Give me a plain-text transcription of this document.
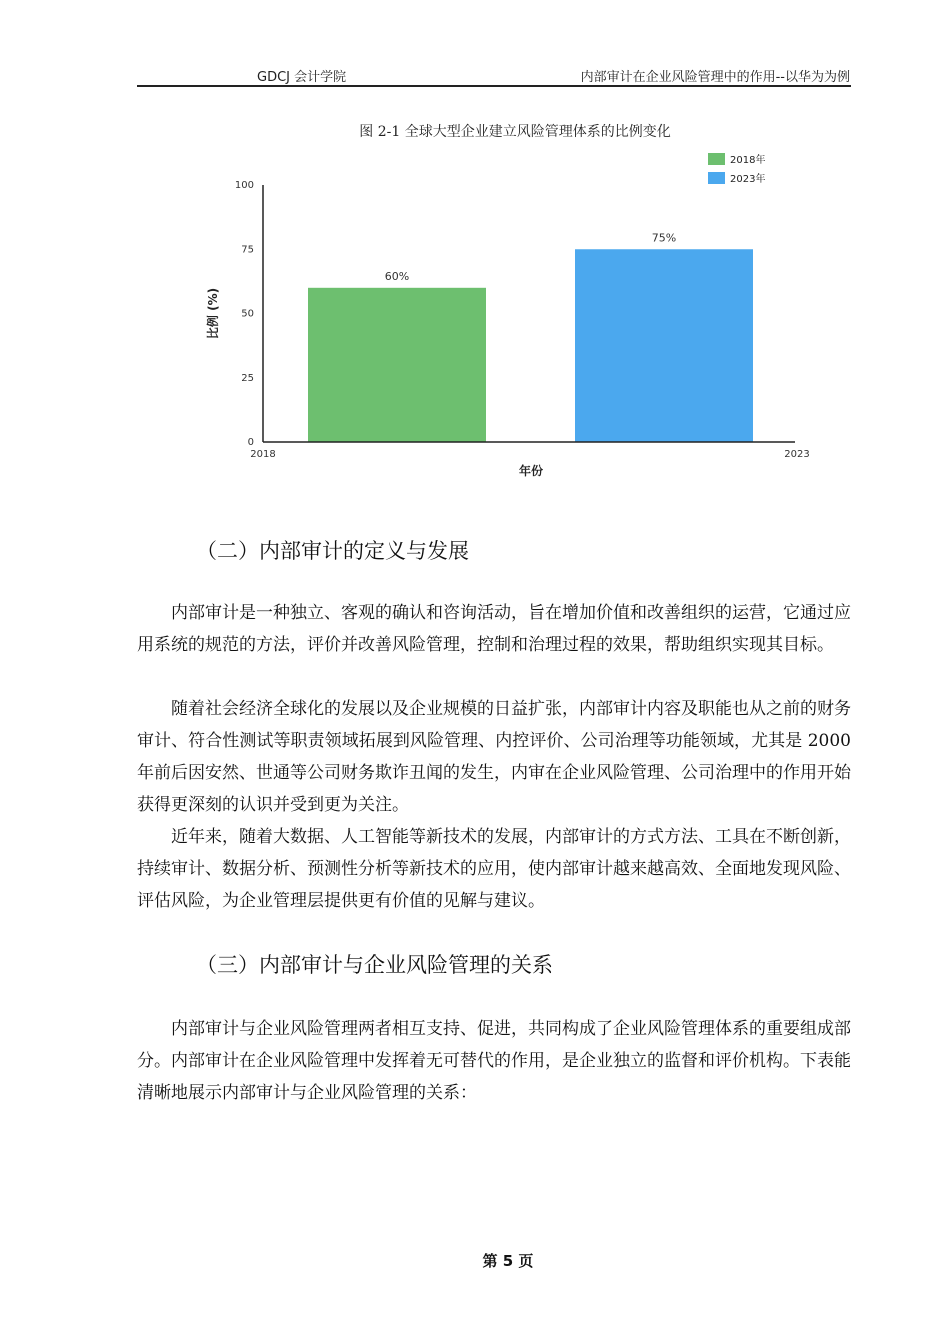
GDCJ 会计学院	内部审计在企业风险管理中的作用--以华为为例
图 2-1 全球大型企业建立风险管理体系的比例变化
60%
75%
0
25
50
75
100
2018	2023
年份
比例 (%)
2018年
2023年
（二）内部审计的定义与发展

内部审计是一种独立、客观的确认和咨询活动，旨在增加价值和改善组织的运营，它通过应用系统的规范的方法，评价并改善风险管理，控制和治理过程的效果，帮助组织实现其目标。

随着社会经济全球化的发展以及企业规模的日益扩张，内部审计内容及职能也从之前的财务审计、符合性测试等职责领域拓展到风险管理、内控评价、公司治理等功能领域，尤其是 2000 年前后因安然、世通等公司财务欺诈丑闻的发生，内审在企业风险管理、公司治理中的作用开始获得更深刻的认识并受到更为关注。

近年来，随着大数据、人工智能等新技术的发展，内部审计的方式方法、工具在不断创新，持续审计、数据分析、预测性分析等新技术的应用，使内部审计越来越高效、全面地发现风险、评估风险，为企业管理层提供更有价值的见解与建议。

（三）内部审计与企业风险管理的关系

内部审计与企业风险管理两者相互支持、促进，共同构成了企业风险管理体系的重要组成部分。内部审计在企业风险管理中发挥着无可替代的作用，是企业独立的监督和评价机构。下表能清晰地展示内部审计与企业风险管理的关系：

第 5 页
